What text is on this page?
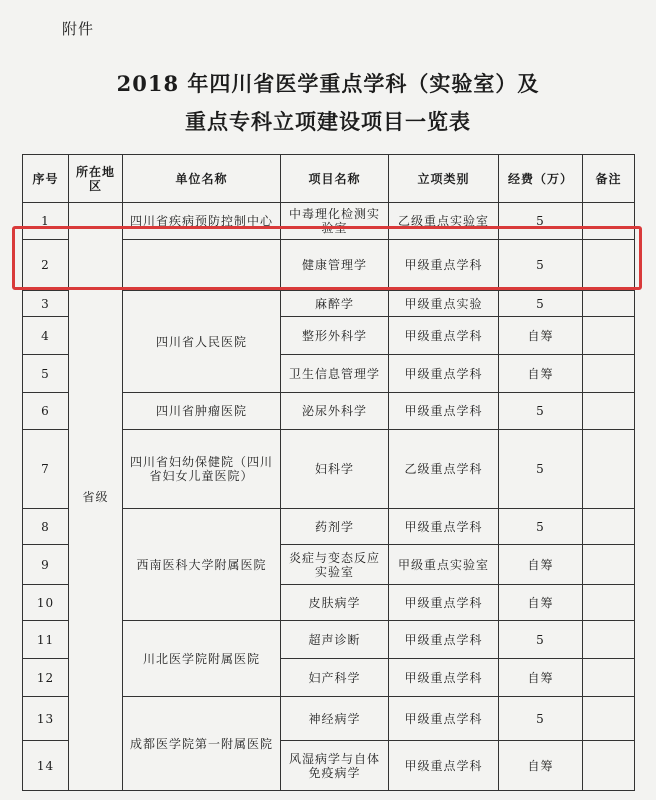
附件
2018 年四川省医学重点学科（实验室）及
重点专科立项建设项目一览表
序号	所在地区	单位名称	项目名称	立项类别	经费（万）	备注
1	省级	四川省疾病预防控制中心	中毒理化检测实验室	乙级重点实验室	5	
2			健康管理学	甲级重点学科	5	
3		四川省人民医院	麻醉学	甲级重点实验	5	
4			整形外科学	甲级重点学科	自筹	
5			卫生信息管理学	甲级重点学科	自筹	
6		四川省肿瘤医院	泌尿外科学	甲级重点学科	5	
7		四川省妇幼保健院（四川省妇女儿童医院）	妇科学	乙级重点学科	5	
8		西南医科大学附属医院	药剂学	甲级重点学科	5	
9			炎症与变态反应实验室	甲级重点实验室	自筹	
10			皮肤病学	甲级重点学科	自筹	
11		川北医学院附属医院	超声诊断	甲级重点学科	5	
12			妇产科学	甲级重点学科	自筹	
13		成都医学院第一附属医院	神经病学	甲级重点学科	5	
14			风湿病学与自体免疫病学	甲级重点学科	自筹	
